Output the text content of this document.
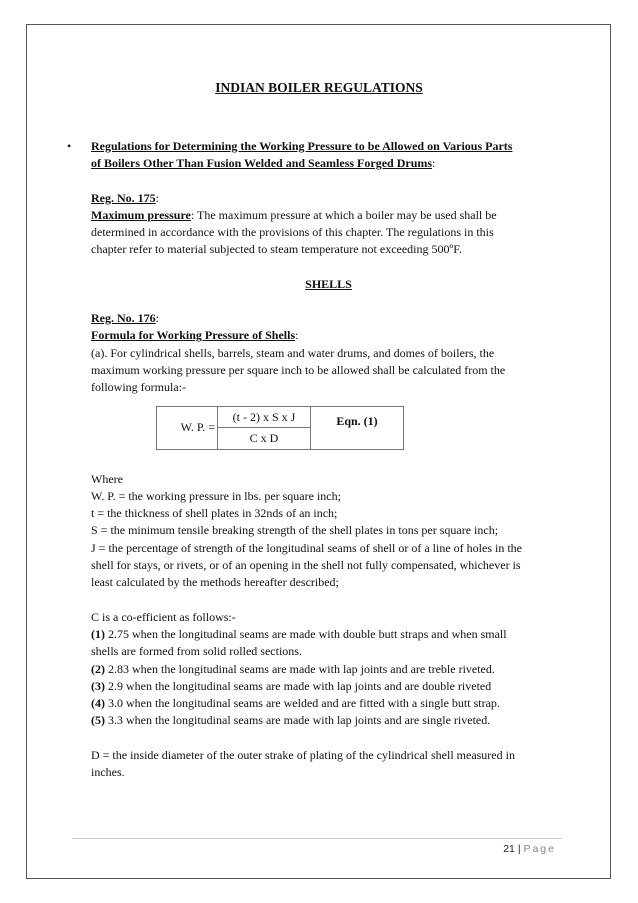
INDIAN BOILER REGULATIONS
• Regulations for Determining the Working Pressure to be Allowed on Various Parts
of Boilers Other Than Fusion Welded and Seamless Forged Drums:

Reg. No. 175:
Maximum pressure: The maximum pressure at which a boiler may be used shall be
determined in accordance with the provisions of this chapter. The regulations in this
chapter refer to material subjected to steam temperature not exceeding 500ºF.

SHELLS

Reg. No. 176:
Formula for Working Pressure of Shells:
(a). For cylindrical shells, barrels, steam and water drums, and domes of boilers, the
maximum working pressure per square inch to be allowed shall be calculated from the
following formula:-

W. P. =	
(t - 2) x S x J
C x D
	Eqn. (1)

Where
W. P. = the working pressure in lbs. per square inch;
t = the thickness of shell plates in 32nds of an inch;
S = the minimum tensile breaking strength of the shell plates in tons per square inch;
J = the percentage of strength of the longitudinal seams of shell or of a line of holes in the
shell for stays, or rivets, or of an opening in the shell not fully compensated, whichever is
least calculated by the methods hereafter described;

C is a co-efficient as follows:-
(1) 2.75 when the longitudinal seams are made with double butt straps and when small
shells are formed from solid rolled sections.
(2) 2.83 when the longitudinal seams are made with lap joints and are treble riveted.
(3) 2.9 when the longitudinal seams are made with lap joints and are double riveted
(4) 3.0 when the longitudinal seams are welded and are fitted with a single butt strap.
(5) 3.3 when the longitudinal seams are made with lap joints and are single riveted.

D = the inside diameter of the outer strake of plating of the cylindrical shell measured in
inches.

21 | Page
